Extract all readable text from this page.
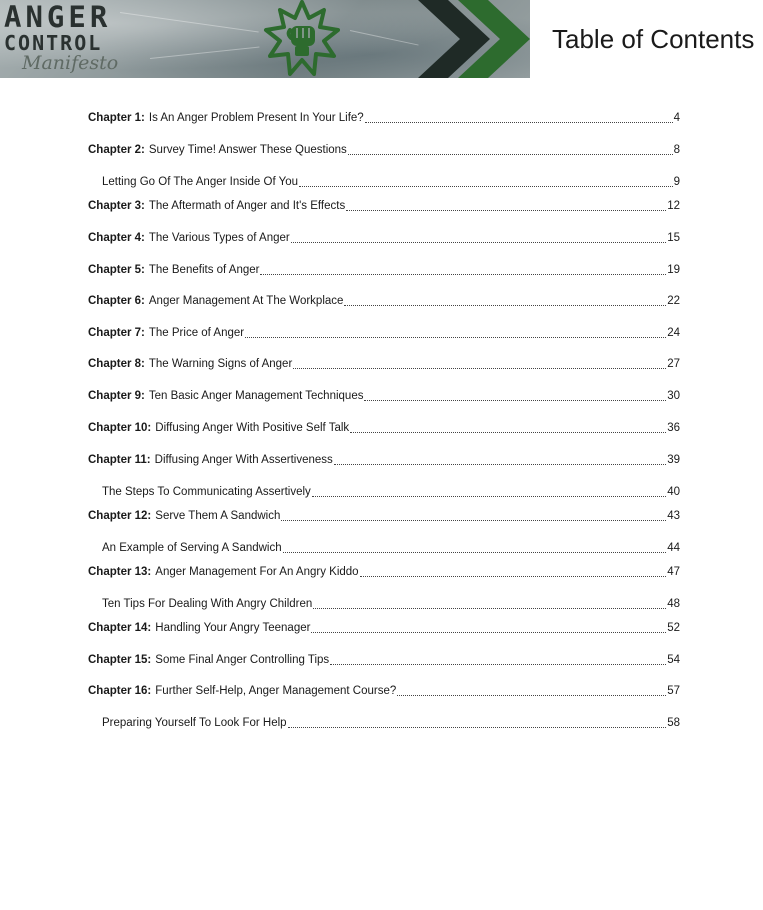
ANGER
CONTROL
Manifesto
Table of Contents
Chapter 1: Is An Anger Problem Present In Your Life?	4
Chapter 2: Survey Time! Answer These Questions	8
Letting Go Of The Anger Inside Of You	9
Chapter 3: The Aftermath of Anger and It's Effects	12
Chapter 4: The Various Types of Anger	15
Chapter 5: The Benefits of Anger	19
Chapter 6: Anger Management At The Workplace	22
Chapter 7: The Price of Anger	24
Chapter 8: The Warning Signs of Anger	27
Chapter 9: Ten Basic Anger Management Techniques	30
Chapter 10: Diffusing Anger With Positive Self Talk	36
Chapter 11: Diffusing Anger With Assertiveness	39
The Steps To Communicating Assertively	40
Chapter 12: Serve Them A Sandwich	43
An Example of Serving A Sandwich	44
Chapter 13: Anger Management For An Angry Kiddo	47
Ten Tips For Dealing With Angry Children	48
Chapter 14: Handling Your Angry Teenager	52
Chapter 15: Some Final Anger Controlling Tips	54
Chapter 16: Further Self-Help, Anger Management Course?	57
Preparing Yourself To Look For Help	58
